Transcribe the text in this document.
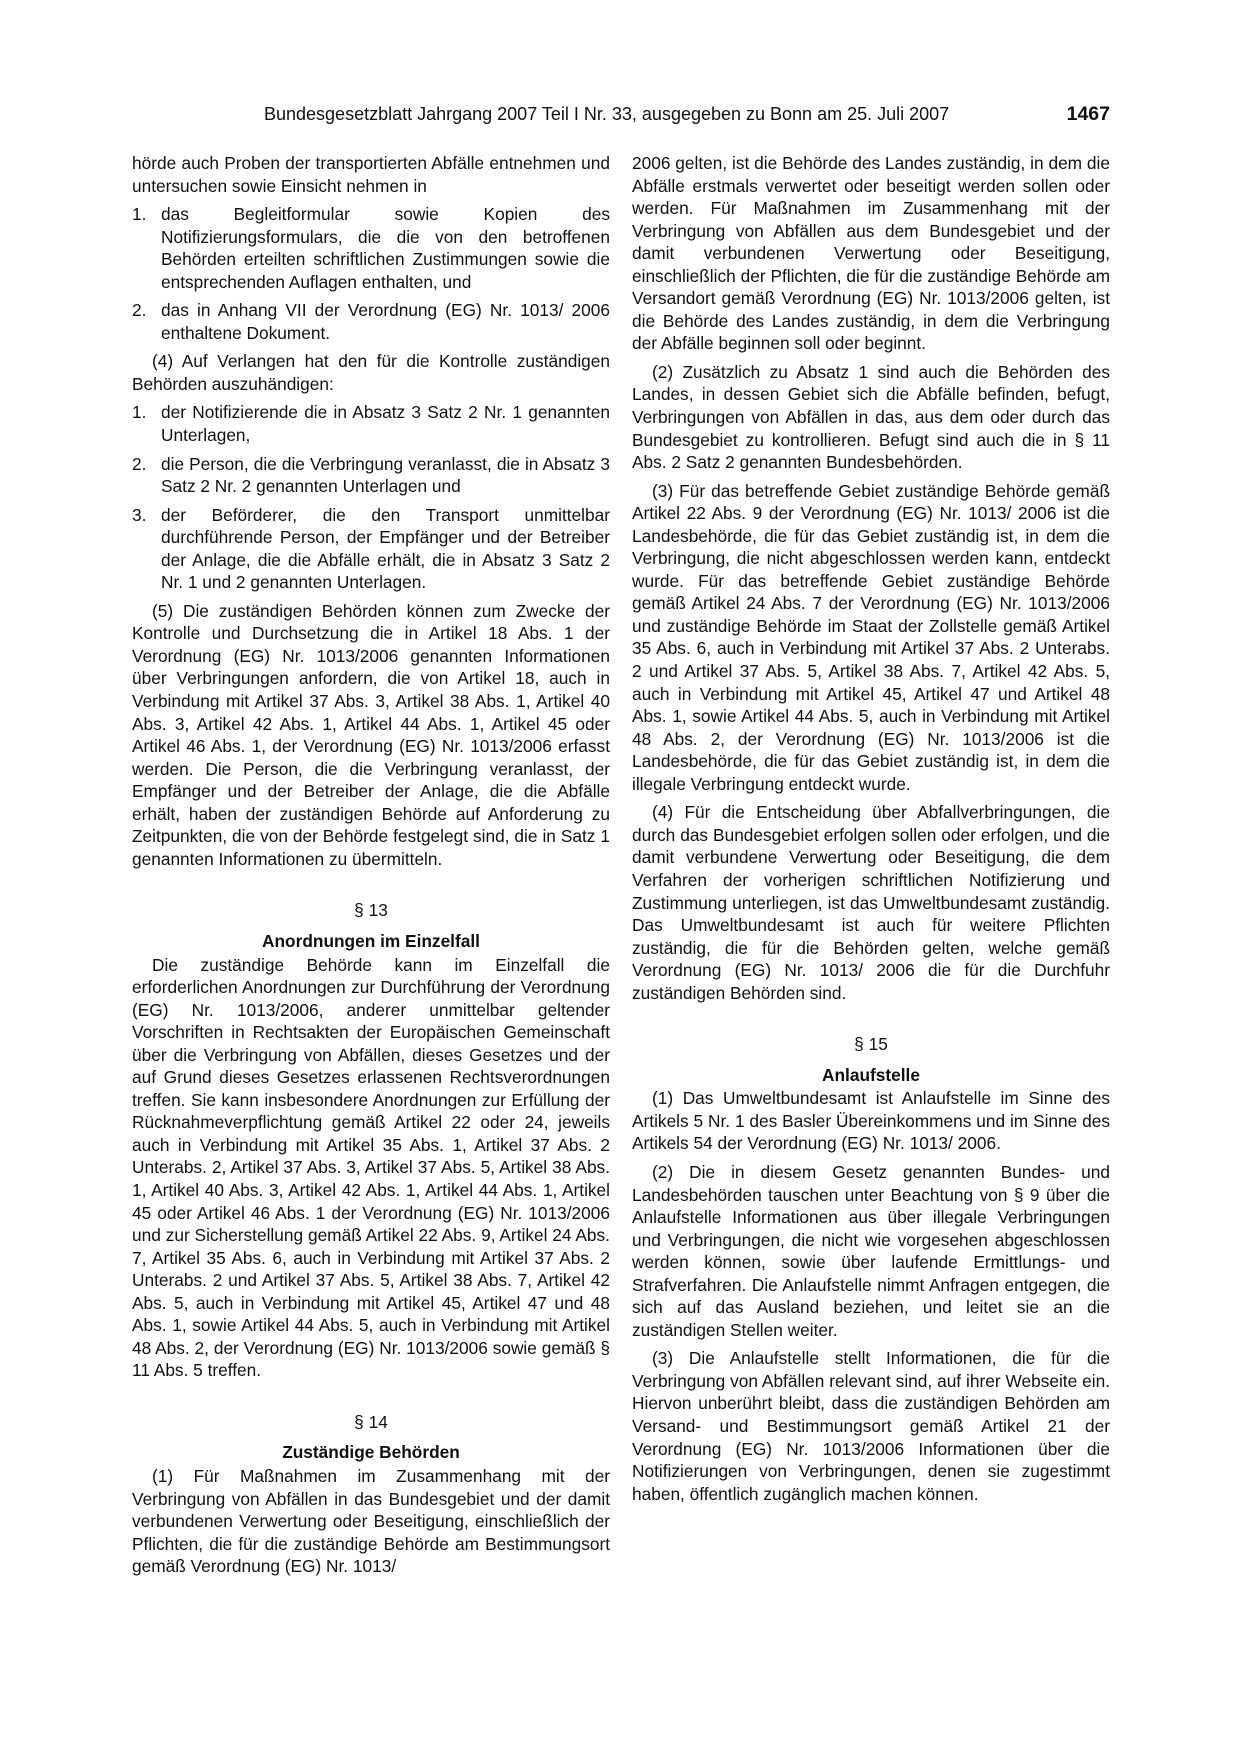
Bundesgesetzblatt Jahrgang 2007 Teil I Nr. 33, ausgegeben zu Bonn am 25. Juli 2007	1467

hörde auch Proben der transportierten Abfälle entnehmen und untersuchen sowie Einsicht nehmen in

1. das Begleitformular sowie Kopien des Notifizierungsformulars, die die von den betroffenen Behörden erteilten schriftlichen Zustimmungen sowie die entsprechenden Auflagen enthalten, und
2. das in Anhang VII der Verordnung (EG) Nr. 1013/ 2006 enthaltene Dokument.

(4) Auf Verlangen hat den für die Kontrolle zuständigen Behörden auszuhändigen:

1. der Notifizierende die in Absatz 3 Satz 2 Nr. 1 genannten Unterlagen,
2. die Person, die die Verbringung veranlasst, die in Absatz 3 Satz 2 Nr. 2 genannten Unterlagen und
3. der Beförderer, die den Transport unmittelbar durchführende Person, der Empfänger und der Betreiber der Anlage, die die Abfälle erhält, die in Absatz 3 Satz 2 Nr. 1 und 2 genannten Unterlagen.

(5) Die zuständigen Behörden können zum Zwecke der Kontrolle und Durchsetzung die in Artikel 18 Abs. 1 der Verordnung (EG) Nr. 1013/2006 genannten Informationen über Verbringungen anfordern, die von Artikel 18, auch in Verbindung mit Artikel 37 Abs. 3, Artikel 38 Abs. 1, Artikel 40 Abs. 3, Artikel 42 Abs. 1, Artikel 44 Abs. 1, Artikel 45 oder Artikel 46 Abs. 1, der Verordnung (EG) Nr. 1013/2006 erfasst werden. Die Person, die die Verbringung veranlasst, der Empfänger und der Betreiber der Anlage, die die Abfälle erhält, haben der zuständigen Behörde auf Anforderung zu Zeitpunkten, die von der Behörde festgelegt sind, die in Satz 1 genannten Informationen zu übermitteln.

§ 13
Anordnungen im Einzelfall

Die zuständige Behörde kann im Einzelfall die erforderlichen Anordnungen zur Durchführung der Verordnung (EG) Nr. 1013/2006, anderer unmittelbar geltender Vorschriften in Rechtsakten der Europäischen Gemeinschaft über die Verbringung von Abfällen, dieses Gesetzes und der auf Grund dieses Gesetzes erlassenen Rechtsverordnungen treffen. Sie kann insbesondere Anordnungen zur Erfüllung der Rücknahmeverpflichtung gemäß Artikel 22 oder 24, jeweils auch in Verbindung mit Artikel 35 Abs. 1, Artikel 37 Abs. 2 Unterabs. 2, Artikel 37 Abs. 3, Artikel 37 Abs. 5, Artikel 38 Abs. 1, Artikel 40 Abs. 3, Artikel 42 Abs. 1, Artikel 44 Abs. 1, Artikel 45 oder Artikel 46 Abs. 1 der Verordnung (EG) Nr. 1013/2006 und zur Sicherstellung gemäß Artikel 22 Abs. 9, Artikel 24 Abs. 7, Artikel 35 Abs. 6, auch in Verbindung mit Artikel 37 Abs. 2 Unterabs. 2 und Artikel 37 Abs. 5, Artikel 38 Abs. 7, Artikel 42 Abs. 5, auch in Verbindung mit Artikel 45, Artikel 47 und 48 Abs. 1, sowie Artikel 44 Abs. 5, auch in Verbindung mit Artikel 48 Abs. 2, der Verordnung (EG) Nr. 1013/2006 sowie gemäß § 11 Abs. 5 treffen.

§ 14
Zuständige Behörden

(1) Für Maßnahmen im Zusammenhang mit der Verbringung von Abfällen in das Bundesgebiet und der damit verbundenen Verwertung oder Beseitigung, einschließlich der Pflichten, die für die zuständige Behörde am Bestimmungsort gemäß Verordnung (EG) Nr. 1013/

2006 gelten, ist die Behörde des Landes zuständig, in dem die Abfälle erstmals verwertet oder beseitigt werden sollen oder werden. Für Maßnahmen im Zusammenhang mit der Verbringung von Abfällen aus dem Bundesgebiet und der damit verbundenen Verwertung oder Beseitigung, einschließlich der Pflichten, die für die zuständige Behörde am Versandort gemäß Verordnung (EG) Nr. 1013/2006 gelten, ist die Behörde des Landes zuständig, in dem die Verbringung der Abfälle beginnen soll oder beginnt.

(2) Zusätzlich zu Absatz 1 sind auch die Behörden des Landes, in dessen Gebiet sich die Abfälle befinden, befugt, Verbringungen von Abfällen in das, aus dem oder durch das Bundesgebiet zu kontrollieren. Befugt sind auch die in § 11 Abs. 2 Satz 2 genannten Bundesbehörden.

(3) Für das betreffende Gebiet zuständige Behörde gemäß Artikel 22 Abs. 9 der Verordnung (EG) Nr. 1013/ 2006 ist die Landesbehörde, die für das Gebiet zuständig ist, in dem die Verbringung, die nicht abgeschlossen werden kann, entdeckt wurde. Für das betreffende Gebiet zuständige Behörde gemäß Artikel 24 Abs. 7 der Verordnung (EG) Nr. 1013/2006 und zuständige Behörde im Staat der Zollstelle gemäß Artikel 35 Abs. 6, auch in Verbindung mit Artikel 37 Abs. 2 Unterabs. 2 und Artikel 37 Abs. 5, Artikel 38 Abs. 7, Artikel 42 Abs. 5, auch in Verbindung mit Artikel 45, Artikel 47 und Artikel 48 Abs. 1, sowie Artikel 44 Abs. 5, auch in Verbindung mit Artikel 48 Abs. 2, der Verordnung (EG) Nr. 1013/2006 ist die Landesbehörde, die für das Gebiet zuständig ist, in dem die illegale Verbringung entdeckt wurde.

(4) Für die Entscheidung über Abfallverbringungen, die durch das Bundesgebiet erfolgen sollen oder erfolgen, und die damit verbundene Verwertung oder Beseitigung, die dem Verfahren der vorherigen schriftlichen Notifizierung und Zustimmung unterliegen, ist das Umweltbundesamt zuständig. Das Umweltbundesamt ist auch für weitere Pflichten zuständig, die für die Behörden gelten, welche gemäß Verordnung (EG) Nr. 1013/ 2006 die für die Durchfuhr zuständigen Behörden sind.

§ 15
Anlaufstelle

(1) Das Umweltbundesamt ist Anlaufstelle im Sinne des Artikels 5 Nr. 1 des Basler Übereinkommens und im Sinne des Artikels 54 der Verordnung (EG) Nr. 1013/ 2006.

(2) Die in diesem Gesetz genannten Bundes- und Landesbehörden tauschen unter Beachtung von § 9 über die Anlaufstelle Informationen aus über illegale Verbringungen und Verbringungen, die nicht wie vorgesehen abgeschlossen werden können, sowie über laufende Ermittlungs- und Strafverfahren. Die Anlaufstelle nimmt Anfragen entgegen, die sich auf das Ausland beziehen, und leitet sie an die zuständigen Stellen weiter.

(3) Die Anlaufstelle stellt Informationen, die für die Verbringung von Abfällen relevant sind, auf ihrer Webseite ein. Hiervon unberührt bleibt, dass die zuständigen Behörden am Versand- und Bestimmungsort gemäß Artikel 21 der Verordnung (EG) Nr. 1013/2006 Informationen über die Notifizierungen von Verbringungen, denen sie zugestimmt haben, öffentlich zugänglich machen können.
